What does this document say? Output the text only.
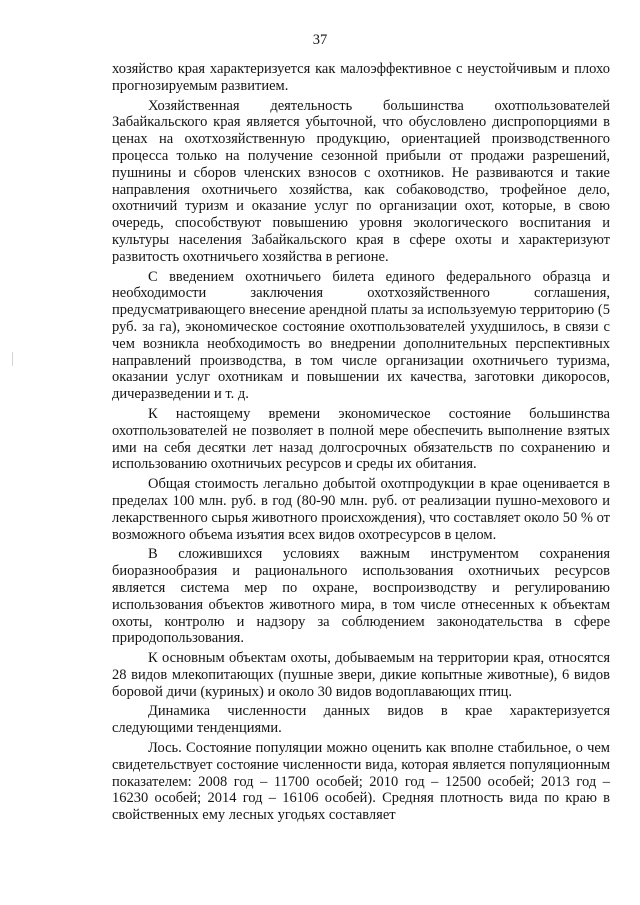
37

хозяйство края характеризуется как малоэффективное с неустойчивым и плохо прогнозируемым развитием.

Хозяйственная деятельность большинства охотпользователей Забайкальского края является убыточной, что обусловлено диспропорциями в ценах на охотхозяйственную продукцию, ориентацией производственного процесса только на получение сезонной прибыли от продажи разрешений, пушнины и сборов членских взносов с охотников. Не развиваются и такие направления охотничьего хозяйства, как собаководство, трофейное дело, охотничий туризм и оказание услуг по организации охот, которые, в свою очередь, способствуют повышению уровня экологического воспитания и культуры населения Забайкальского края в сфере охоты и характеризуют развитость охотничьего хозяйства в регионе.

С введением охотничьего билета единого федерального образца и необходимости заключения охотхозяйственного соглашения, предусматривающего внесение арендной платы за используемую территорию (5 руб. за га), экономическое состояние охотпользователей ухудшилось, в связи с чем возникла необходимость во внедрении дополнительных перспективных направлений производства, в том числе организации охотничьего туризма, оказании услуг охотникам и повышении их качества, заготовки дикоросов, дичеразведении и т. д.

К настоящему времени экономическое состояние большинства охотпользователей не позволяет в полной мере обеспечить выполнение взятых ими на себя десятки лет назад долгосрочных обязательств по сохранению и использованию охотничьих ресурсов и среды их обитания.

Общая стоимость легально добытой охотпродукции в крае оценивается в пределах 100 млн. руб. в год (80-90 млн. руб. от реализации пушно-мехового и лекарственного сырья животного происхождения), что составляет около 50 % от возможного объема изъятия всех видов охотресурсов в целом.

В сложившихся условиях важным инструментом сохранения биоразнообразия и рационального использования охотничьих ресурсов является система мер по охране, воспроизводству и регулированию использования объектов животного мира, в том числе отнесенных к объектам охоты, контролю и надзору за соблюдением законодательства в сфере природопользования.

К основным объектам охоты, добываемым на территории края, относятся 28 видов млекопитающих (пушные звери, дикие копытные животные), 6 видов боровой дичи (куриных) и около 30 видов водоплавающих птиц.

Динамика численности данных видов в крае характеризуется следующими тенденциями.

Лось. Состояние популяции можно оценить как вполне стабильное, о чем свидетельствует состояние численности вида, которая является популяционным показателем: 2008 год – 11700 особей; 2010 год – 12500 особей; 2013 год – 16230 особей; 2014 год – 16106 особей). Средняя плотность вида по краю в свойственных ему лесных угодьях составляет
